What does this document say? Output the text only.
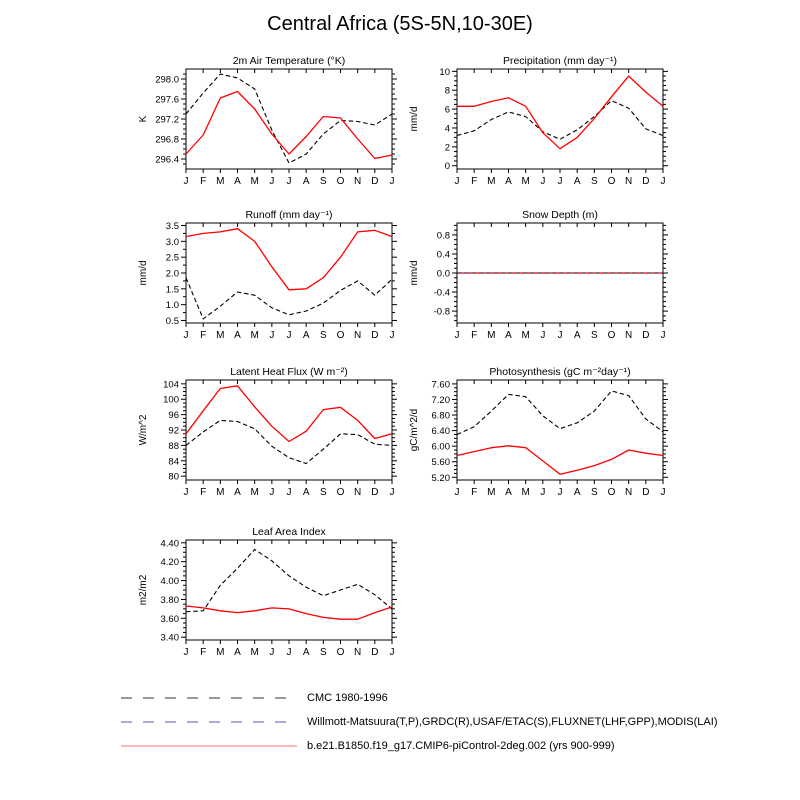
Central Africa (5S-5N,10-30E)
2m Air Temperature (°K)
K
296.4
296.8
297.2
297.6
298.0
J F M A M J J A S O N D J
Precipitation (mm day⁻¹)
mm/d
0
2
4
6
8
10
J F M A M J J A S O N D J
Runoff (mm day⁻¹)
mm/d
0.5
1.0
1.5
2.0
2.5
3.0
3.5
J F M A M J J A S O N D J
Snow Depth (m)
mm/d
-0.8
-0.4
0.0
0.4
0.8
J F M A M J J A S O N D J
Latent Heat Flux (W m⁻²)
W/m^2
80
84
88
92
96
100
104
J F M A M J J A S O N D J
Photosynthesis (gC m⁻²day⁻¹)
gC/m^2/d
5.20
5.60
6.00
6.40
6.80
7.20
7.60
J F M A M J J A S O N D J
Leaf Area Index
m2/m2
3.40
3.60
3.80
4.00
4.20
4.40
J F M A M J J A S O N D J
CMC 1980-1996
Willmott-Matsuura(T,P),GRDC(R),USAF/ETAC(S),FLUXNET(LHF,GPP),MODIS(LAI)
b.e21.B1850.f19_g17.CMIP6-piControl-2deg.002 (yrs 900-999)
